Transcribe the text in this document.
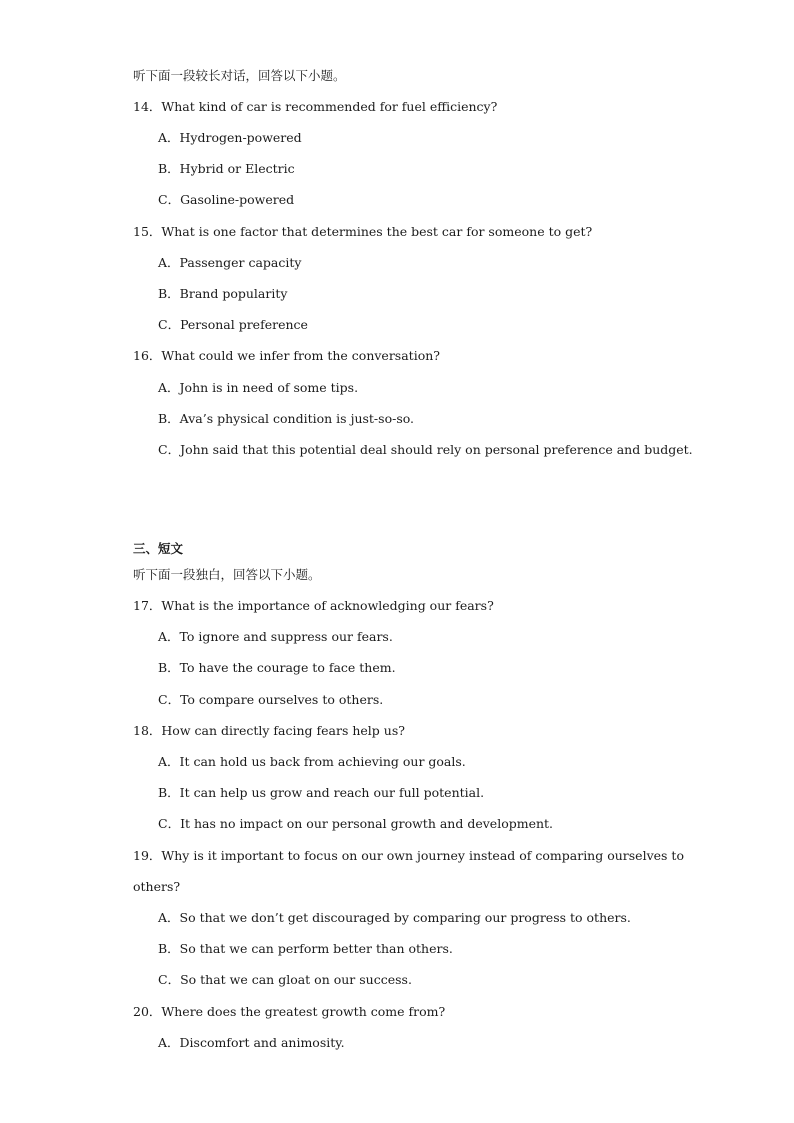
听下面一段较长对话，回答以下小题。
14．What kind of car is recommended for fuel efficiency?
A．Hydrogen-powered
B．Hybrid or Electric
C．Gasoline-powered
15．What is one factor that determines the best car for someone to get?
A．Passenger capacity
B．Brand popularity
C．Personal preference
16．What could we infer from the conversation?
A．John is in need of some tips.
B．Ava’s physical condition is just-so-so.
C．John said that this potential deal should rely on personal preference and budget.
三、短文
听下面一段独白，回答以下小题。
17．What is the importance of acknowledging our fears?
A．To ignore and suppress our fears.
B．To have the courage to face them.
C．To compare ourselves to others.
18．How can directly facing fears help us?
A．It can hold us back from achieving our goals.
B．It can help us grow and reach our full potential.
C．It has no impact on our personal growth and development.
19．Why is it important to focus on our own journey instead of comparing ourselves to
others?
A．So that we don’t get discouraged by comparing our progress to others.
B．So that we can perform better than others.
C．So that we can gloat on our success.
20．Where does the greatest growth come from?
A．Discomfort and animosity.
